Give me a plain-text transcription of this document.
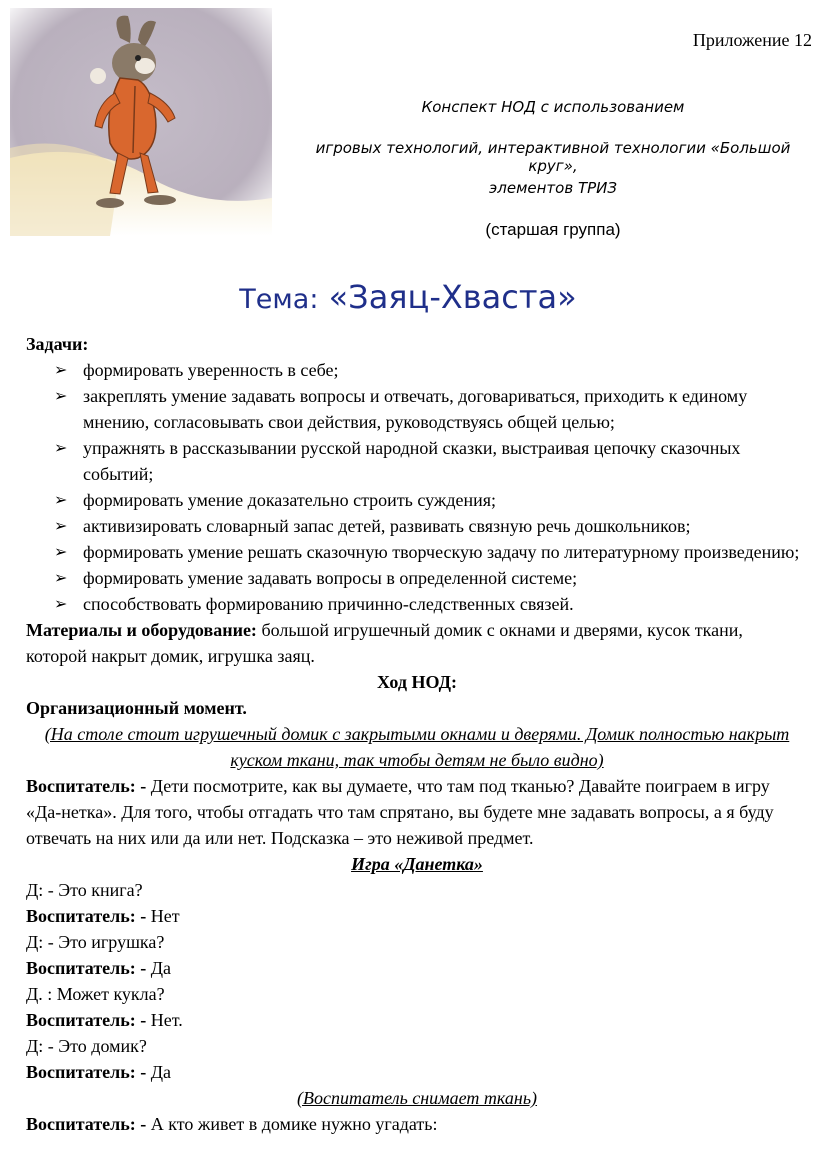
Приложение 12
Конспект НОД с использованием
игровых технологий, интерактивной технологии «Большой круг»,
элементов ТРИЗ
(старшая группа)
Тема: «Заяц-Хваста»

Задачи:

➢ формировать уверенность в себе;
➢ закреплять умение задавать вопросы и отвечать, договариваться, приходить к единому мнению, согласовывать свои действия, руководствуясь общей целью;
➢ упражнять в рассказывании русской народной сказки, выстраивая цепочку сказочных событий;
➢ формировать умение доказательно строить суждения;
➢ активизировать словарный запас детей, развивать связную речь дошкольников;
➢ формировать умение решать сказочную творческую задачу по литературному произведению;
➢ формировать умение задавать вопросы в определенной системе;
➢ способствовать формированию причинно-следственных связей.

Материалы и оборудование: большой игрушечный домик с окнами и дверями, кусок ткани, которой накрыт домик, игрушка заяц.

Ход НОД:

Организационный момент.

(На столе стоит игрушечный домик с закрытыми окнами и дверями. Домик полностью накрыт куском ткани, так чтобы детям не было видно)

Воспитатель: - Дети посмотрите, как вы думаете, что там под тканью? Давайте поиграем в игру «Да-нетка». Для того, чтобы отгадать что там спрятано, вы будете мне задавать вопросы, а я буду отвечать на них или да или нет. Подсказка – это неживой предмет.

Игра «Данетка»

Д: - Это книга?

Воспитатель: - Нет

Д: - Это игрушка?

Воспитатель: - Да

Д. : Может кукла?

Воспитатель: - Нет.

Д: - Это домик?

Воспитатель: - Да

(Воспитатель снимает ткань)

Воспитатель: - А кто живет в домике нужно угадать:
